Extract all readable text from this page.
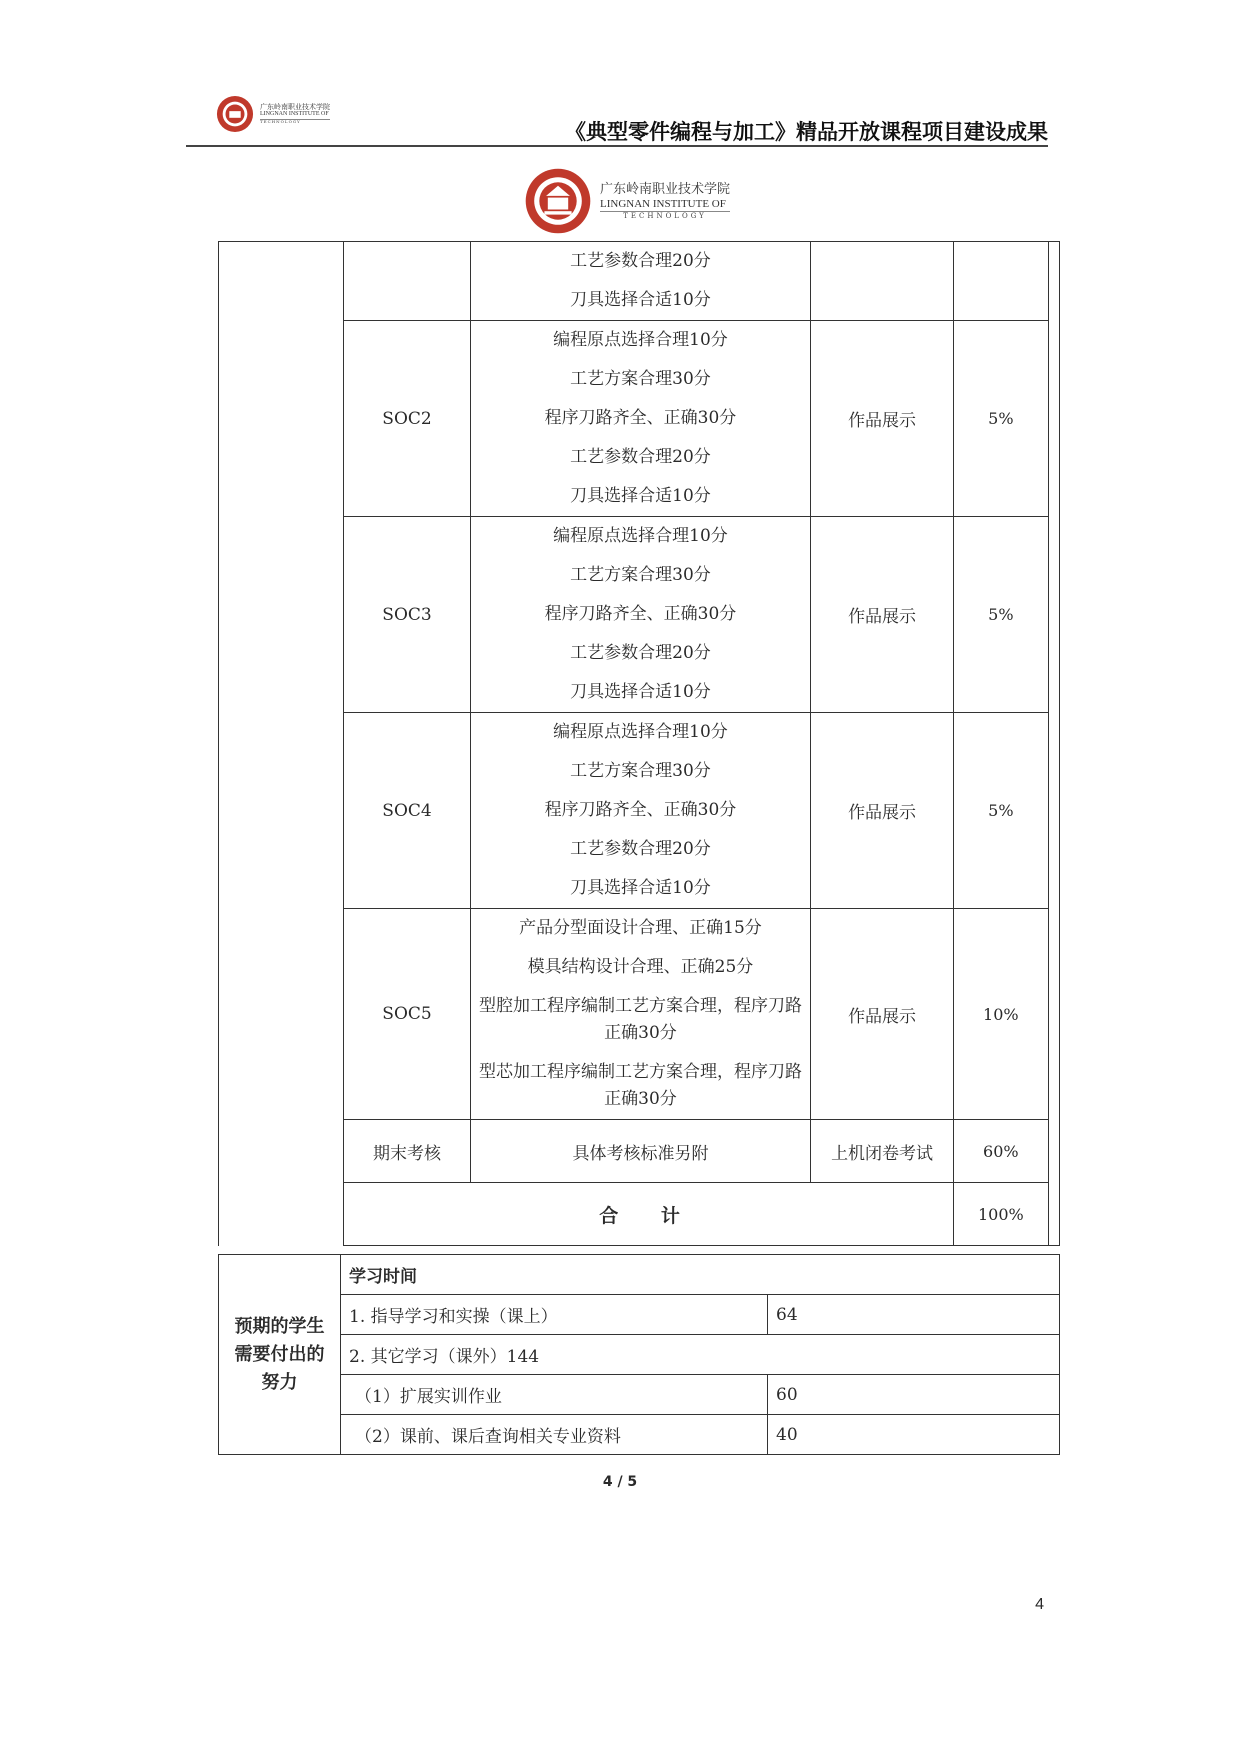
广东岭南职业技术学院
LINGNAN INSTITUTE OF
TECHNOLOGY	《典型零件编程与加工》精品开放课程项目建设成果
广东岭南职业技术学院
LINGNAN INSTITUTE OF
TECHNOLOGY

		工艺参数合理20分
刀具选择合适10分			

	SOC2	编程原点选择合理10分
工艺方案合理30分
程序刀路齐全、正确30分
工艺参数合理20分
刀具选择合适10分	作品展示	5%	
	SOC3	编程原点选择合理10分
工艺方案合理30分
程序刀路齐全、正确30分
工艺参数合理20分
刀具选择合适10分	作品展示	5%	
	SOC4	编程原点选择合理10分
工艺方案合理30分
程序刀路齐全、正确30分
工艺参数合理20分
刀具选择合适10分	作品展示	5%	
	SOC5	产品分型面设计合理、正确15分
模具结构设计合理、正确25分
型腔加工程序编制工艺方案合理，程序刀路正确30分
型芯加工程序编制工艺方案合理，程序刀路正确30分	作品展示	10%	
	期末考核	具体考核标准另附	上机闭卷考试	60%	
	合 计			100%	
预期的学生
需要付出的
努力	学习时间	
	1. 指导学习和实操（课上）	64
	2. 其它学习（课外）144	
	（1）扩展实训作业	60
	（2）课前、课后查询相关专业资料	40
4 / 5
4
